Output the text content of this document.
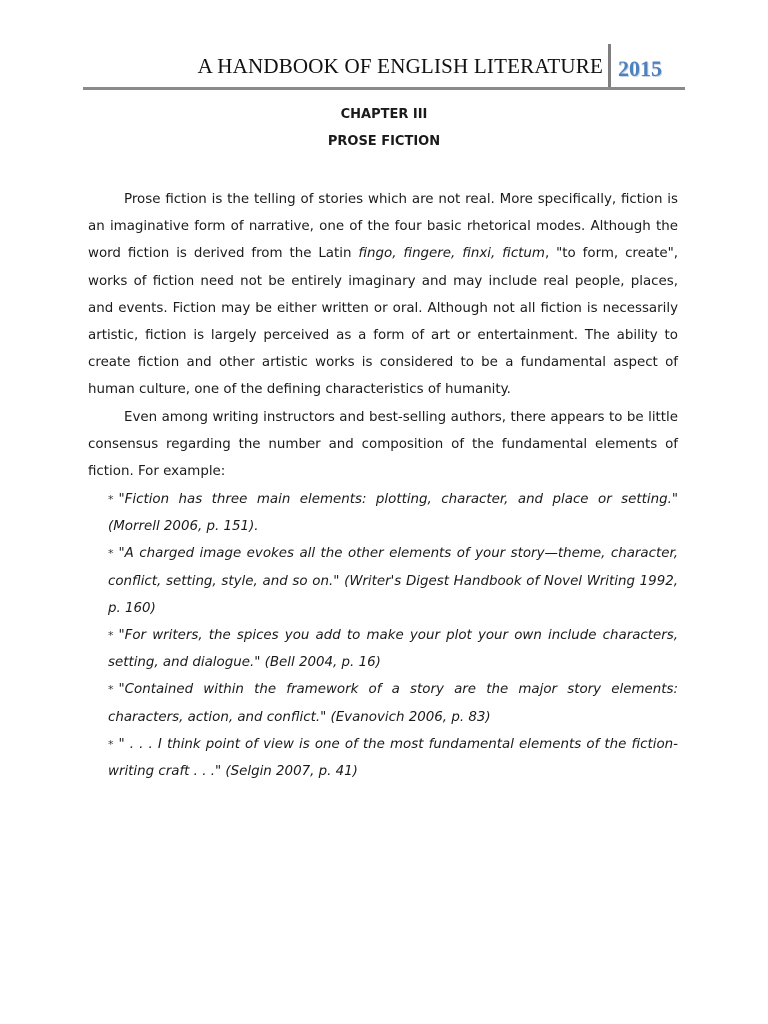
A HANDBOOK OF ENGLISH LITERATURE 2015
CHAPTER III
PROSE FICTION

Prose fiction is the telling of stories which are not real. More specifically, fiction is an imaginative form of narrative, one of the four basic rhetorical modes. Although the word fiction is derived from the Latin fingo, fingere, finxi, fictum, "to form, create", works of fiction need not be entirely imaginary and may include real people, places, and events. Fiction may be either written or oral. Although not all fiction is necessarily artistic, fiction is largely perceived as a form of art or entertainment. The ability to create fiction and other artistic works is considered to be a fundamental aspect of human culture, one of the defining characteristics of humanity.

Even among writing instructors and best-selling authors, there appears to be little consensus regarding the number and composition of the fundamental elements of fiction. For example:

* "Fiction has three main elements: plotting, character, and place or setting." (Morrell 2006, p. 151).

* "A charged image evokes all the other elements of your story—theme, character, conflict, setting, style, and so on." (Writer's Digest Handbook of Novel Writing 1992, p. 160)

* "For writers, the spices you add to make your plot your own include characters, setting, and dialogue." (Bell 2004, p. 16)

* "Contained within the framework of a story are the major story elements: characters, action, and conflict." (Evanovich 2006, p. 83)

* " . . . I think point of view is one of the most fundamental elements of the fiction-writing craft . . ." (Selgin 2007, p. 41)
